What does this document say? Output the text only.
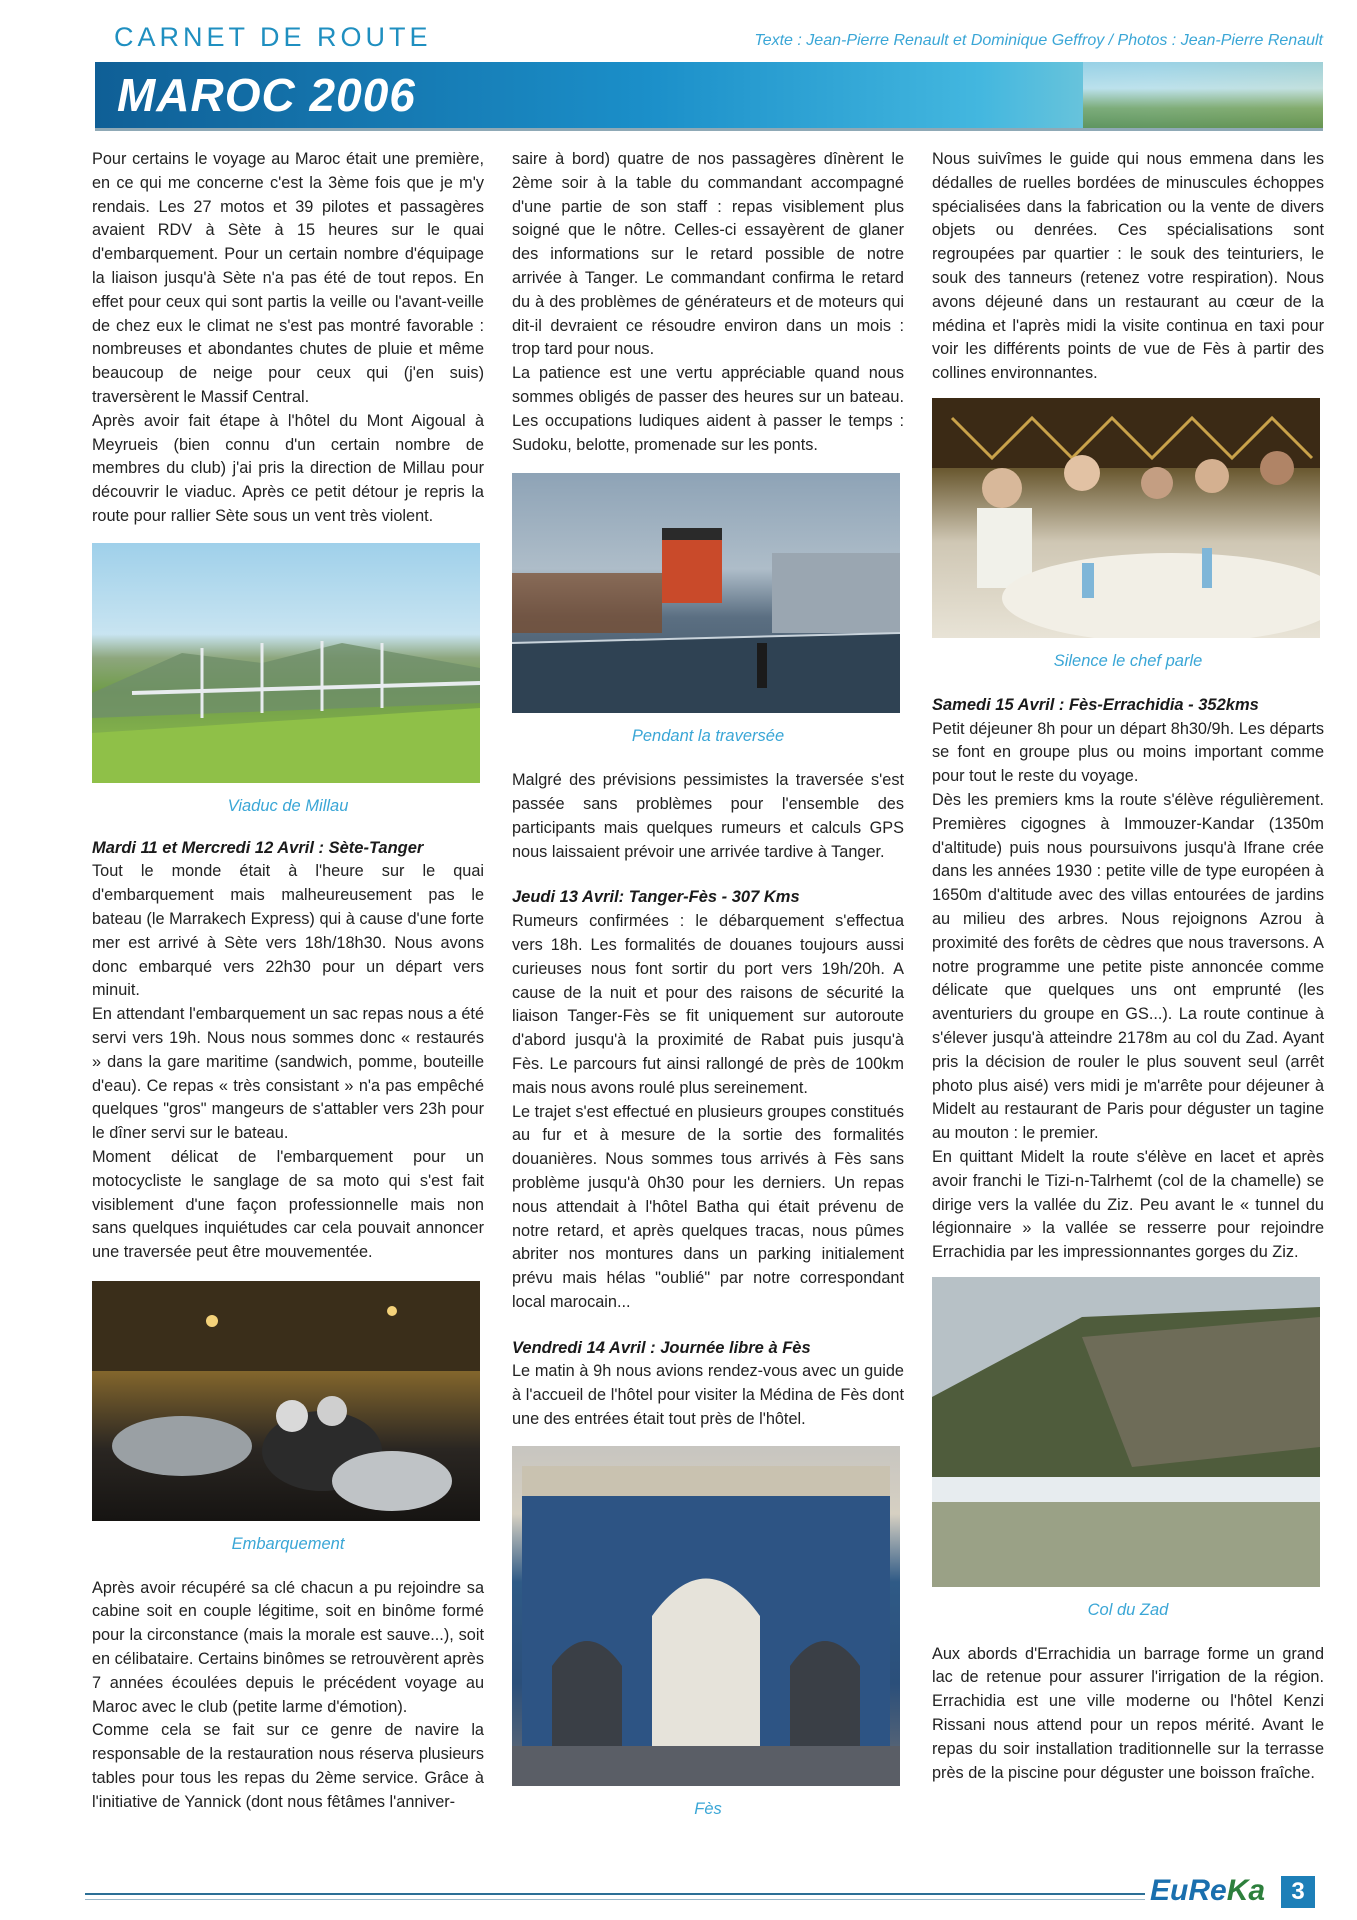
CARNET DE ROUTE	Texte : Jean-Pierre Renault et Dominique Geffroy / Photos : Jean-Pierre Renault
MAROC 2006

Pour certains le voyage au Maroc était une première, en ce qui me concerne c'est la 3ème fois que je m'y rendais. Les 27 motos et 39 pilotes et passagères avaient RDV à Sète à 15 heures sur le quai d'embarquement. Pour un certain nombre d'équipage la liaison jusqu'à Sète n'a pas été de tout repos. En effet pour ceux qui sont partis la veille ou l'avant-veille de chez eux le climat ne s'est pas montré favorable : nombreuses et abondantes chutes de pluie et même beaucoup de neige pour ceux qui (j'en suis) traversèrent le Massif Central.

Après avoir fait étape à l'hôtel du Mont Aigoual à Meyrueis (bien connu d'un certain nombre de membres du club) j'ai pris la direction de Millau pour découvrir le viaduc. Après ce petit détour je repris la route pour rallier Sète sous un vent très violent.

Viaduc de Millau
Mardi 11 et Mercredi 12 Avril : Sète-Tanger

Tout le monde était à l'heure sur le quai d'embarquement mais malheureusement pas le bateau (le Marrakech Express) qui à cause d'une forte mer est arrivé à Sète vers 18h/18h30. Nous avons donc embarqué vers 22h30 pour un départ vers minuit.

En attendant l'embarquement un sac repas nous a été servi vers 19h. Nous nous sommes donc « restaurés » dans la gare maritime (sandwich, pomme, bouteille d'eau). Ce repas « très consistant » n'a pas empêché quelques "gros" mangeurs de s'attabler vers 23h pour le dîner servi sur le bateau.

Moment délicat de l'embarquement pour un motocycliste le sanglage de sa moto qui s'est fait visiblement d'une façon professionnelle mais non sans quelques inquiétudes car cela pouvait annoncer une traversée peut être mouvementée.

Embarquement

Après avoir récupéré sa clé chacun a pu rejoindre sa cabine soit en couple légitime, soit en binôme formé pour la circonstance (mais la morale est sauve...), soit en célibataire. Certains binômes se retrouvèrent après 7 années écoulées depuis le précédent voyage au Maroc avec le club (petite larme d'émotion).

Comme cela se fait sur ce genre de navire la responsable de la restauration nous réserva plusieurs tables pour tous les repas du 2ème service. Grâce à l'initiative de Yannick (dont nous fêtâmes l'anniver-

saire à bord) quatre de nos passagères dînèrent le 2ème soir à la table du commandant accompagné d'une partie de son staff : repas visiblement plus soigné que le nôtre. Celles-ci essayèrent de glaner des informations sur le retard possible de notre arrivée à Tanger. Le commandant confirma le retard du à des problèmes de générateurs et de moteurs qui dit-il devraient ce résoudre environ dans un mois : trop tard pour nous.

La patience est une vertu appréciable quand nous sommes obligés de passer des heures sur un bateau. Les occupations ludiques aident à passer le temps : Sudoku, belotte, promenade sur les ponts.

Pendant la traversée

Malgré des prévisions pessimistes la traversée s'est passée sans problèmes pour l'ensemble des participants mais quelques rumeurs et calculs GPS nous laissaient prévoir une arrivée tardive à Tanger.

Jeudi 13 Avril: Tanger-Fès - 307 Kms

Rumeurs confirmées : le débarquement s'effectua vers 18h. Les formalités de douanes toujours aussi curieuses nous font sortir du port vers 19h/20h. A cause de la nuit et pour des raisons de sécurité la liaison Tanger-Fès se fit uniquement sur autoroute d'abord jusqu'à la proximité de Rabat puis jusqu'à Fès. Le parcours fut ainsi rallongé de près de 100km mais nous avons roulé plus sereinement.

Le trajet s'est effectué en plusieurs groupes constitués au fur et à mesure de la sortie des formalités douanières. Nous sommes tous arrivés à Fès sans problème jusqu'à 0h30 pour les derniers. Un repas nous attendait à l'hôtel Batha qui était prévenu de notre retard, et après quelques tracas, nous pûmes abriter nos montures dans un parking initialement prévu mais hélas "oublié" par notre correspondant local marocain...

Vendredi 14 Avril : Journée libre à Fès

Le matin à 9h nous avions rendez-vous avec un guide à l'accueil de l'hôtel pour visiter la Médina de Fès dont une des entrées était tout près de l'hôtel.

Fès

Nous suivîmes le guide qui nous emmena dans les dédalles de ruelles bordées de minuscules échoppes spécialisées dans la fabrication ou la vente de divers objets ou denrées. Ces spécialisations sont regroupées par quartier : le souk des teinturiers, le souk des tanneurs (retenez votre respiration). Nous avons déjeuné dans un restaurant au cœur de la médina et l'après midi la visite continua en taxi pour voir les différents points de vue de Fès à partir des collines environnantes.

Silence le chef parle
Samedi 15 Avril : Fès-Errachidia - 352kms

Petit déjeuner 8h pour un départ 8h30/9h. Les départs se font en groupe plus ou moins important comme pour tout le reste du voyage.

Dès les premiers kms la route s'élève régulièrement. Premières cigognes à Immouzer-Kandar (1350m d'altitude) puis nous poursuivons jusqu'à Ifrane crée dans les années 1930 : petite ville de type européen à 1650m d'altitude avec des villas entourées de jardins au milieu des arbres. Nous rejoignons Azrou à proximité des forêts de cèdres que nous traversons. A notre programme une petite piste annoncée comme délicate que quelques uns ont emprunté (les aventuriers du groupe en GS...). La route continue à s'élever jusqu'à atteindre 2178m au col du Zad. Ayant pris la décision de rouler le plus souvent seul (arrêt photo plus aisé) vers midi je m'arrête pour déjeuner à Midelt au restaurant de Paris pour déguster un tagine au mouton : le premier.

En quittant Midelt la route s'élève en lacet et après avoir franchi le Tizi-n-Talrhemt (col de la chamelle) se dirige vers la vallée du Ziz. Peu avant le « tunnel du légionnaire » la vallée se resserre pour rejoindre Errachidia par les impressionnantes gorges du Ziz.

Col du Zad

Aux abords d'Errachidia un barrage forme un grand lac de retenue pour assurer l'irrigation de la région. Errachidia est une ville moderne ou l'hôtel Kenzi Rissani nous attend pour un repos mérité. Avant le repas du soir installation traditionnelle sur la terrasse près de la piscine pour déguster une boisson fraîche.

EuReKa	3
